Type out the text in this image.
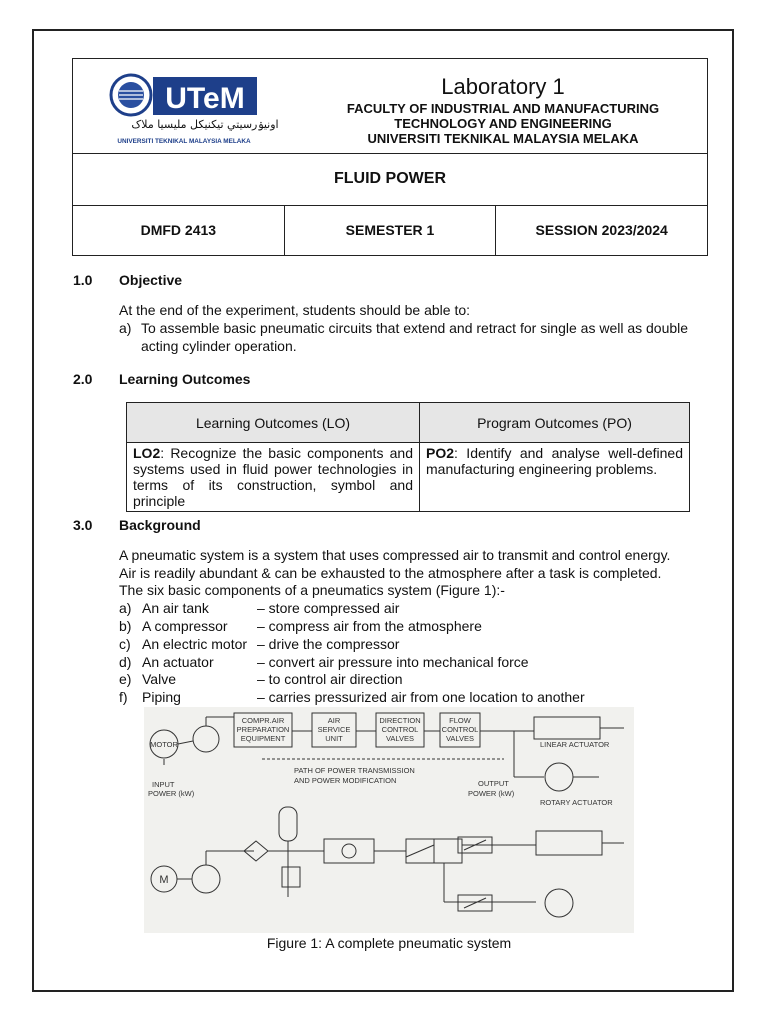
UTeM
اونيۏرسيتي تيکنيکل مليسيا ملاک
UNIVERSITI TEKNIKAL MALAYSIA MELAKA
Laboratory 1
FACULTY OF INDUSTRIAL AND MANUFACTURING
TECHNOLOGY AND ENGINEERING
UNIVERSITI TEKNIKAL MALAYSIA MELAKA
FLUID POWER
DMFD 2413	SEMESTER 1	SESSION 2023/2024
1.0 Objective
At the end of the experiment, students should be able to:
a) To assemble basic pneumatic circuits that extend and retract for single as well as double
acting cylinder operation.
2.0 Learning Outcomes
Learning Outcomes (LO)	Program Outcomes (PO)
LO2: Recognize the basic components and systems used in fluid power technologies in terms of its construction, symbol and principle	PO2: Identify and analyse well-defined manufacturing engineering problems.
3.0 Background
A pneumatic system is a system that uses compressed air to transmit and control energy.
Air is readily abundant & can be exhausted to the atmosphere after a task is completed.
The six basic components of a pneumatics system (Figure 1):-
a) An air tank	– store compressed air
b) A compressor – compress air from the atmosphere
c) An electric motor – drive the compressor
d) An actuator	– convert air pressure into mechanical force
e) Valve	– to control air direction
f) Piping	– carries pressurized air from one location to another
MOTOR
INPUT
POWER (kW)
COMPR.AIR
PREPARATION
EQUIPMENT
AIR
SERVICE
UNIT
DIRECTION
CONTROL
VALVES
FLOW
CONTROL
VALVES
LINEAR ACTUATOR
ROTARY ACTUATOR
PATH OF POWER TRANSMISSION
AND POWER MODIFICATION	OUTPUT
POWER (kW)
M
Figure 1: A complete pneumatic system
